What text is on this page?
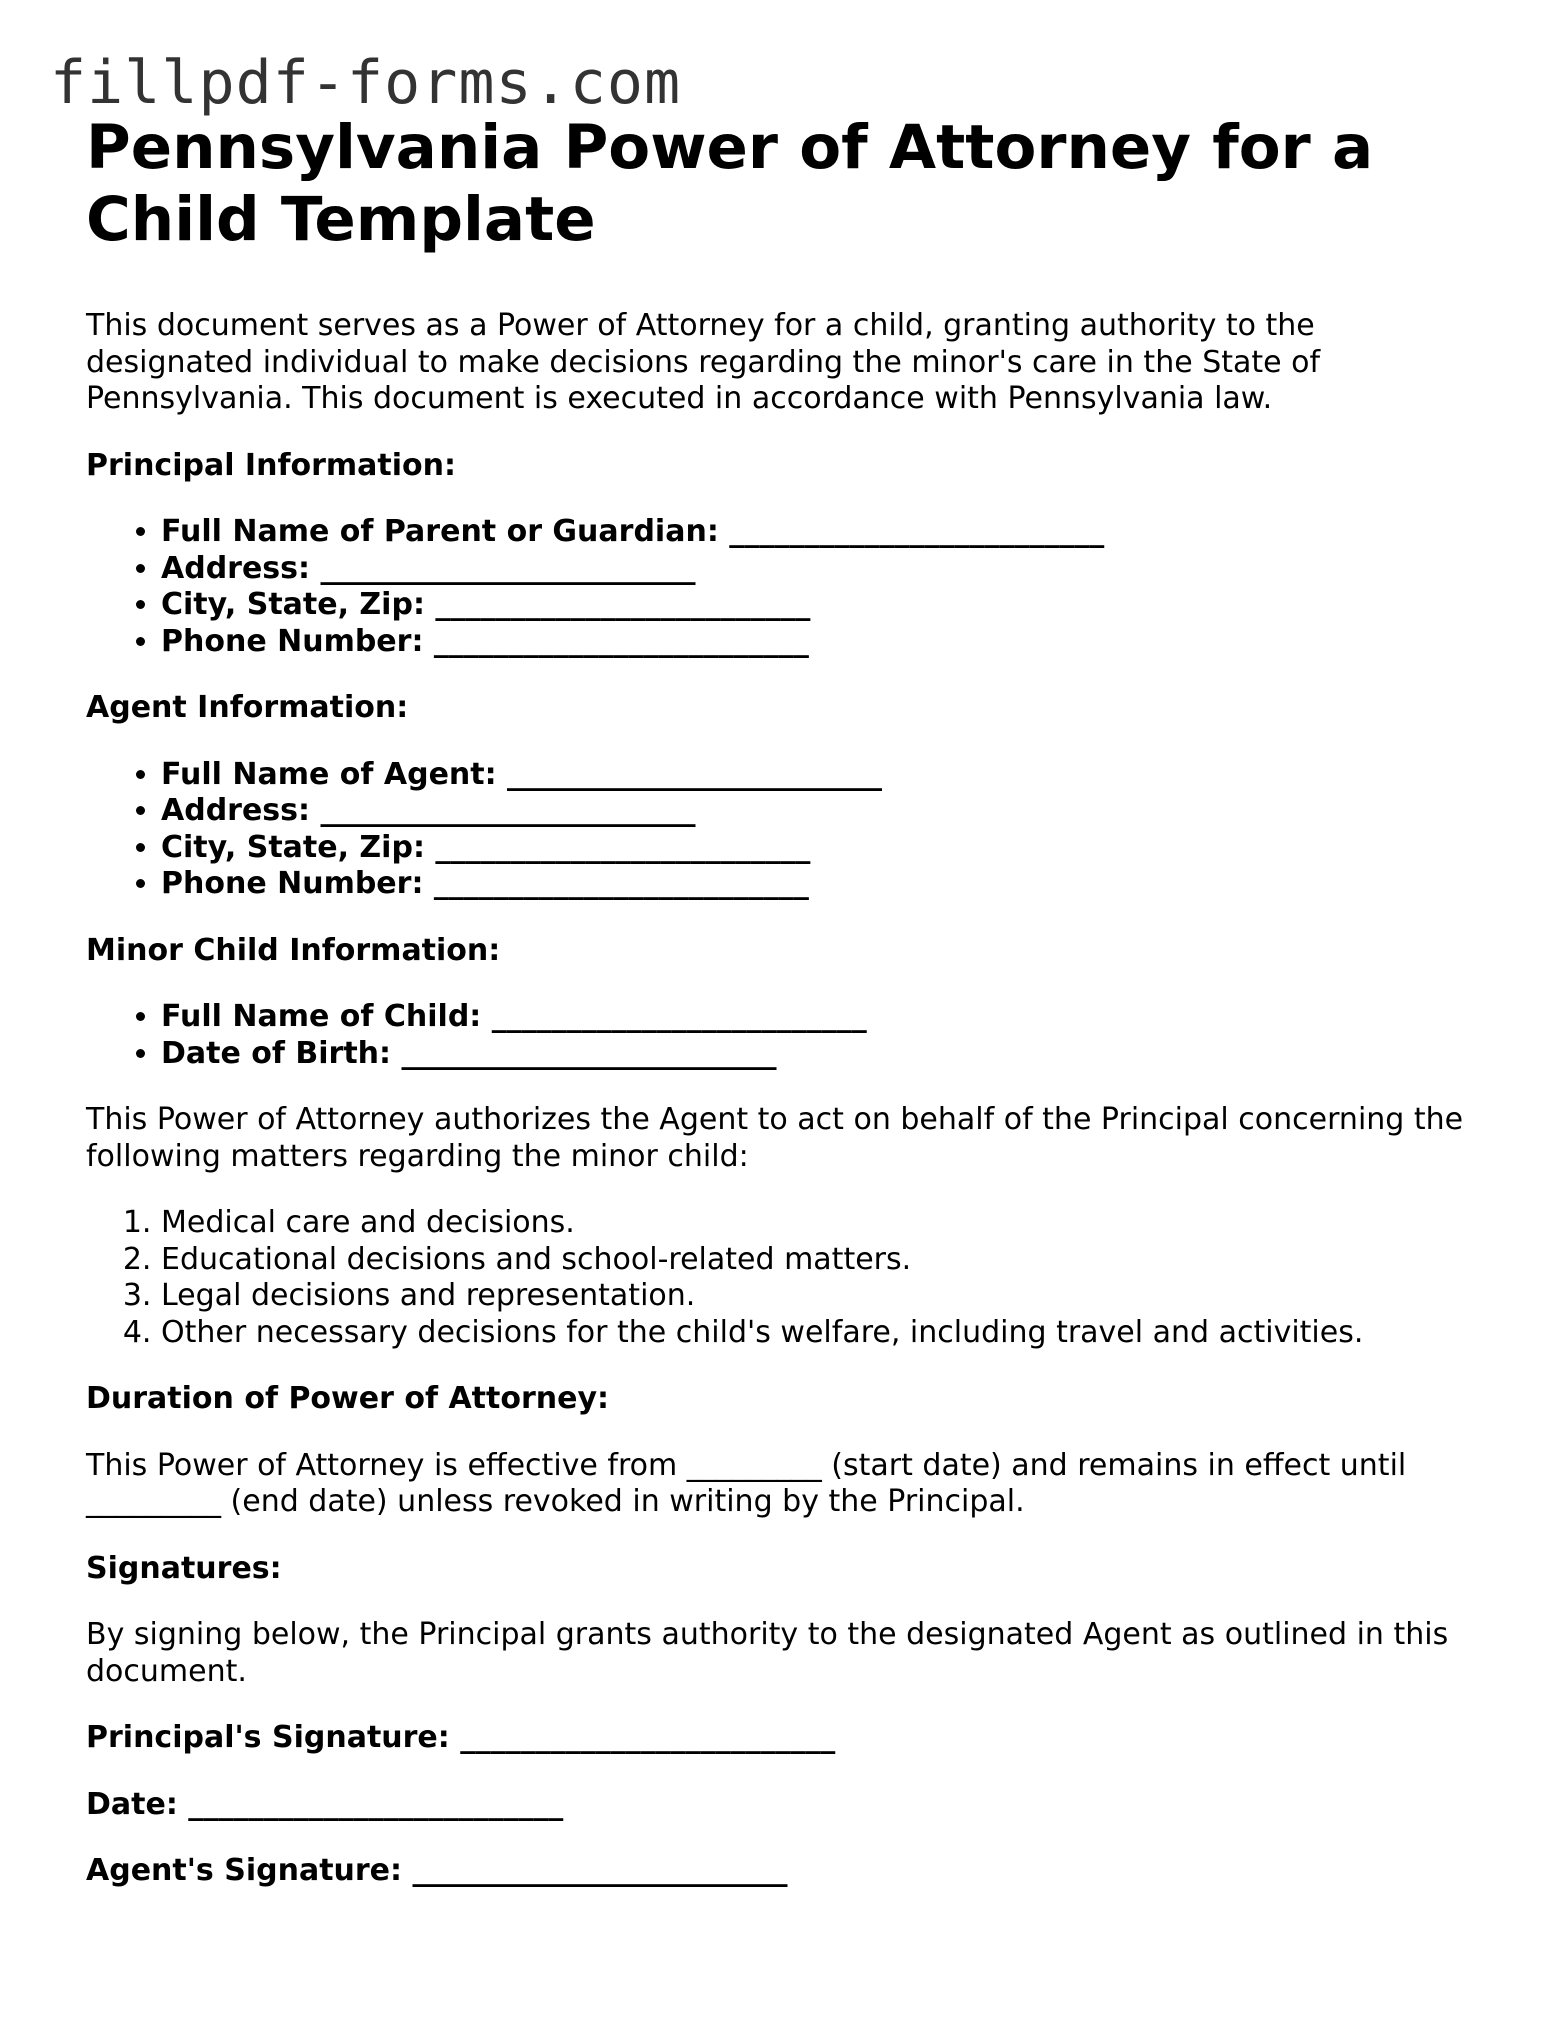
fillpdf-forms.com
Pennsylvania Power of Attorney for a Child Template

This document serves as a Power of Attorney for a child, granting authority to the designated individual to make decisions regarding the minor's care in the State of Pennsylvania. This document is executed in accordance with Pennsylvania law.

Principal Information:
• Full Name of Parent or Guardian: _________________________
• Address: _________________________
• City, State, Zip: _________________________
• Phone Number: _________________________
Agent Information:
• Full Name of Agent: _________________________
• Address: _________________________
• City, State, Zip: _________________________
• Phone Number: _________________________
Minor Child Information:
• Full Name of Child: _________________________
• Date of Birth: _________________________

This Power of Attorney authorizes the Agent to act on behalf of the Principal concerning the following matters regarding the minor child:

1. Medical care and decisions.
2. Educational decisions and school-related matters.
3. Legal decisions and representation.
4. Other necessary decisions for the child's welfare, including travel and activities.
Duration of Power of Attorney:

This Power of Attorney is effective from _________ (start date) and remains in effect until _________ (end date) unless revoked in writing by the Principal.

Signatures:

By signing below, the Principal grants authority to the designated Agent as outlined in this document.

Principal's Signature: _________________________
Date: _________________________
Agent's Signature: _________________________
